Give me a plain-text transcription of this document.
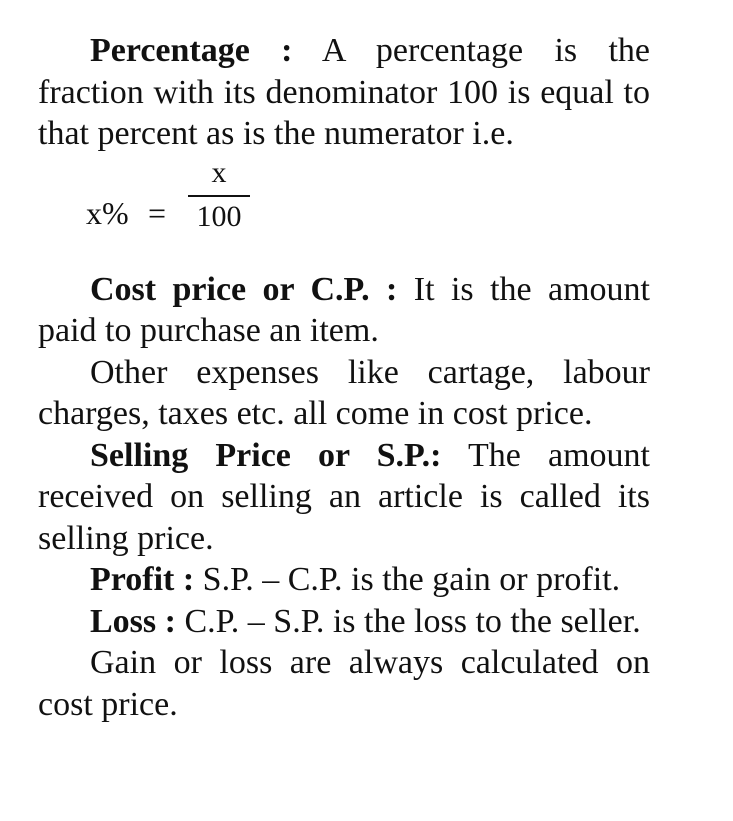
Percentage : A percentage is the fraction with its denominator 100 is equal to that percent as is the numerator i.e.

x% =
x
100

Cost price or C.P. : It is the amount paid to purchase an item.

Other expenses like cartage, labour charges, taxes etc. all come in cost price.

Selling Price or S.P.: The amount received on selling an article is called its selling price.

Profit : S.P. – C.P. is the gain or profit.

Loss : C.P. – S.P. is the loss to the seller.

Gain or loss are always calculated on cost price.
